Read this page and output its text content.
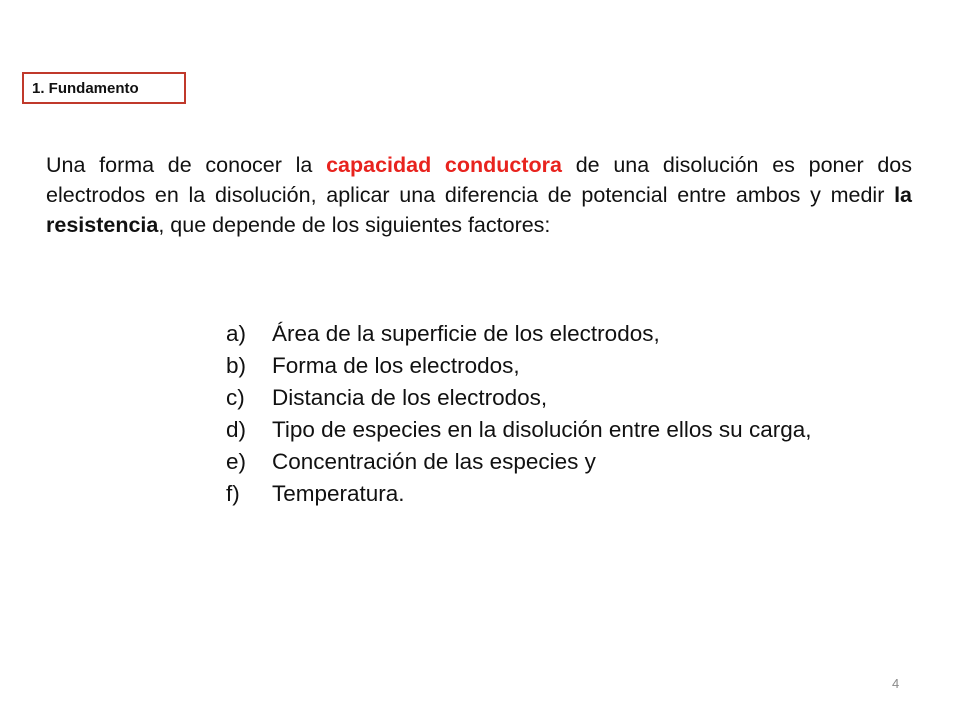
1. Fundamento

Una forma de conocer la capacidad conductora de una disolución es poner dos electrodos en la disolución, aplicar una diferencia de potencial entre ambos y medir la resistencia, que depende de los siguientes factores:

a)	Área de la superficie de los electrodos,
b)	Forma de los electrodos,
c)	Distancia de los electrodos,
d)	Tipo de especies en la disolución entre ellos su carga,
e)	Concentración de las especies y
f)	Temperatura.
4
